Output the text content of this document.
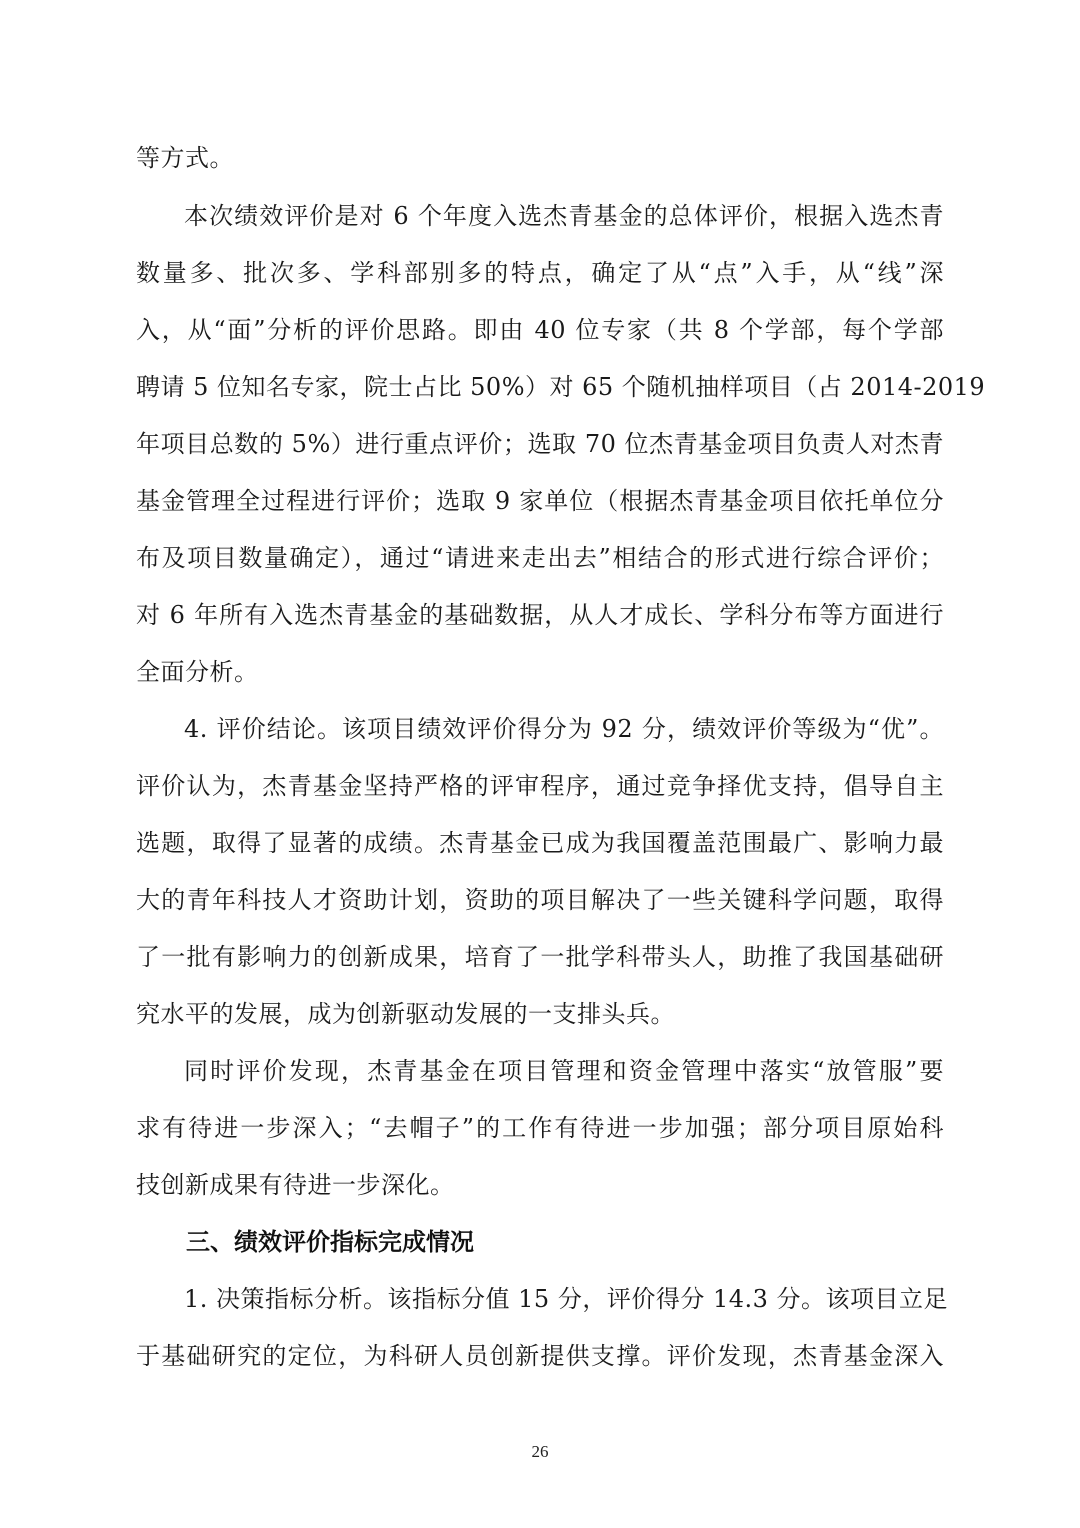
等方式。
本次绩效评价是对 6 个年度入选杰青基金的总体评价，根据入选杰青
数量多、批次多、学科部别多的特点，确定了从“点”入手，从“线”深
入，从“面”分析的评价思路。即由 40 位专家（共 8 个学部，每个学部
聘请 5 位知名专家，院士占比 50%）对 65 个随机抽样项目（占 2014-2019
年项目总数的 5%）进行重点评价；选取 70 位杰青基金项目负责人对杰青
基金管理全过程进行评价；选取 9 家单位（根据杰青基金项目依托单位分
布及项目数量确定），通过“请进来走出去”相结合的形式进行综合评价；
对 6 年所有入选杰青基金的基础数据，从人才成长、学科分布等方面进行
全面分析。
4. 评价结论。该项目绩效评价得分为 92 分，绩效评价等级为“优”。
评价认为，杰青基金坚持严格的评审程序，通过竞争择优支持，倡导自主
选题，取得了显著的成绩。杰青基金已成为我国覆盖范围最广、影响力最
大的青年科技人才资助计划，资助的项目解决了一些关键科学问题，取得
了一批有影响力的创新成果，培育了一批学科带头人，助推了我国基础研
究水平的发展，成为创新驱动发展的一支排头兵。
同时评价发现，杰青基金在项目管理和资金管理中落实“放管服”要
求有待进一步深入；“去帽子”的工作有待进一步加强；部分项目原始科
技创新成果有待进一步深化。
三、绩效评价指标完成情况
1. 决策指标分析。该指标分值 15 分，评价得分 14.3 分。该项目立足
于基础研究的定位，为科研人员创新提供支撑。评价发现，杰青基金深入
26
